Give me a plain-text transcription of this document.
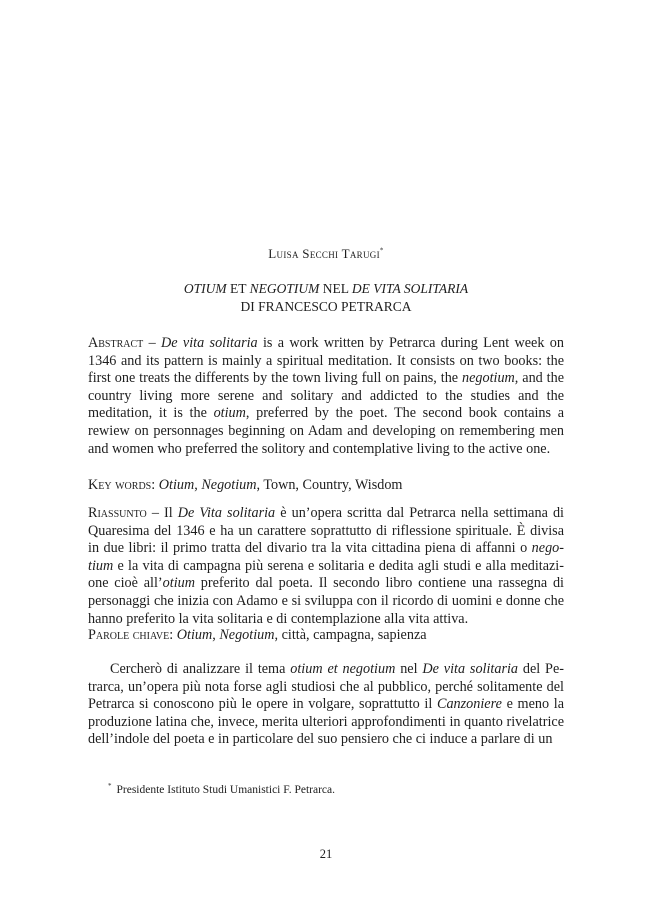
Luisa Secchi Tarugi*
OTIUM ET NEGOTIUM NEL DE VITA SOLITARIA
DI FRANCESCO PETRARCA

Abstract – De vita solitaria is a work written by Petrarca during Lent week on 1346 and its pattern is mainly a spiritual meditation. It consists on two books: the first one treats the differents by the town living full on pains, the negotium, and the country living more serene and solitary and addicted to the studies and the meditation, it is the otium, preferred by the poet. The second book contains a rewiew on personnages beginning on Adam and developing on remembering men and women who preferred the solitory and contemplative living to the active one.

Key words: Otium, Negotium, Town, Country, Wisdom

Riassunto – Il De Vita solitaria è un’opera scritta dal Petrarca nella settimana di Quaresima del 1346 e ha un carattere soprattutto di riflessione spirituale. È divisa in due libri: il primo tratta del divario tra la vita cittadina piena di affanni o negotium e la vita di campagna più serena e solitaria e dedita agli studi e alla meditazione cioè all’otium preferito dal poeta. Il secondo libro contiene una rassegna di personaggi che inizia con Adamo e si sviluppa con il ricordo di uomini e donne che hanno preferito la vita solitaria e di contemplazione alla vita attiva.

Parole chiave: Otium, Negotium, città, campagna, sapienza

Cercherò di analizzare il tema otium et negotium nel De vita solitaria del Petrarca, un’opera più nota forse agli studiosi che al pubblico, perché solitamente del Petrarca si conoscono più le opere in volgare, soprattutto il Canzoniere e meno la produzione latina che, invece, merita ulteriori approfondimenti in quanto rivelatrice dell’indole del poeta e in particolare del suo pensiero che ci induce a parlare di un

* Presidente Istituto Studi Umanistici F. Petrarca.
21
